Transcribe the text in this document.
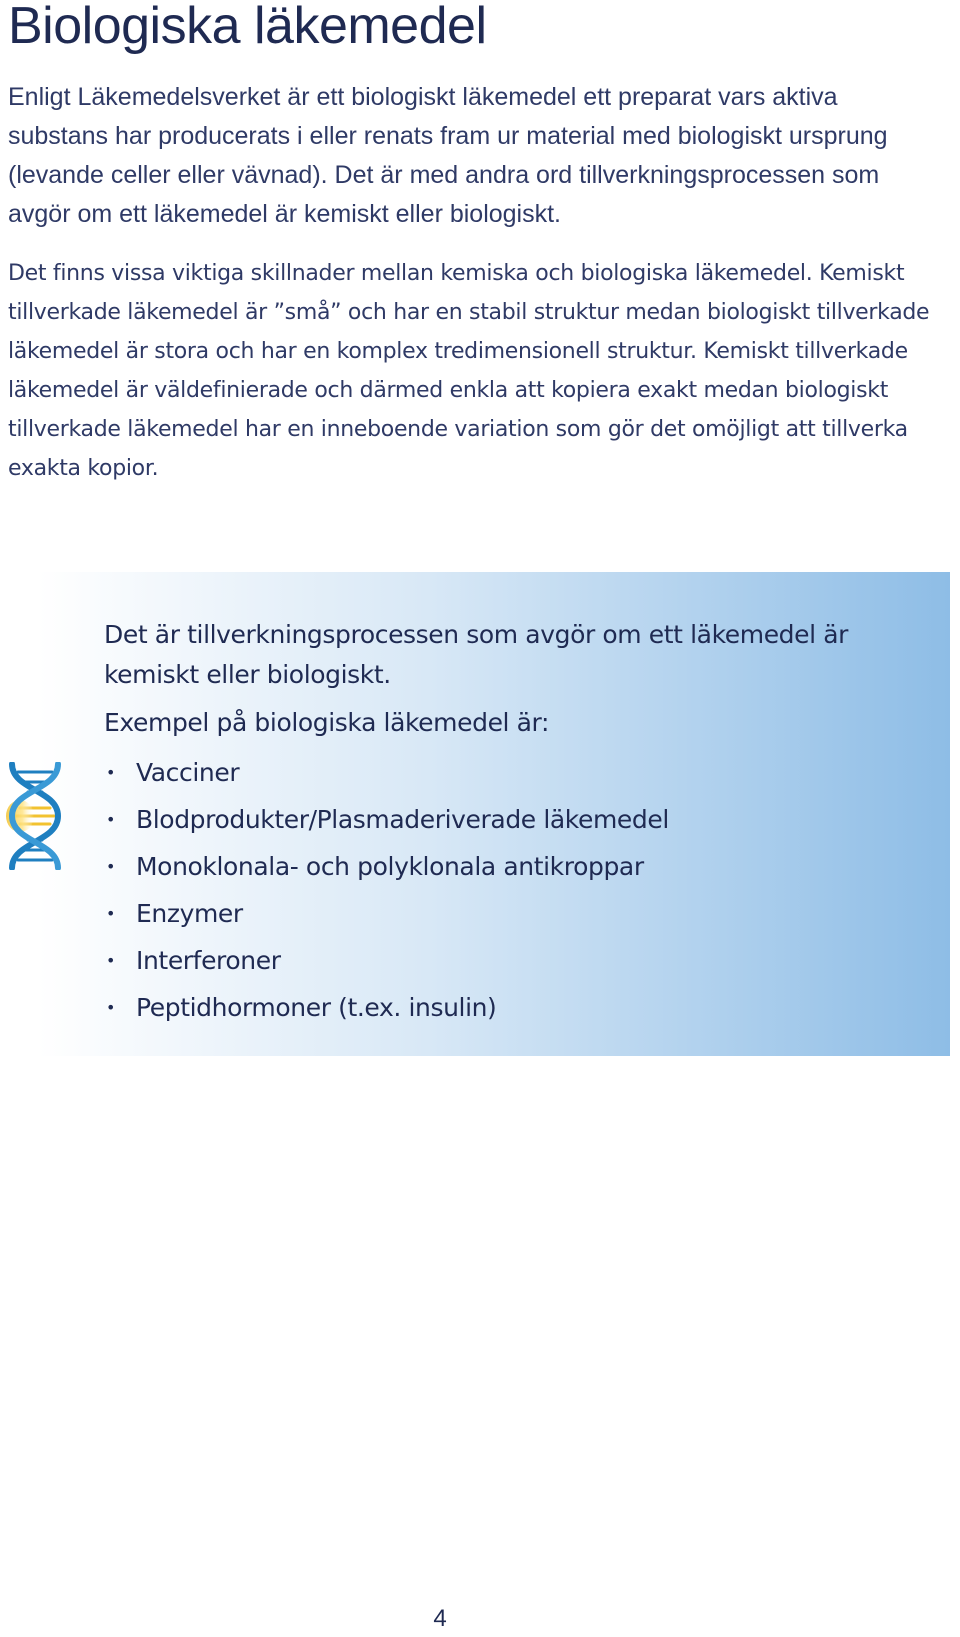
Biologiska läkemedel

Enligt Läkemedelsverket är ett biologiskt läkemedel ett preparat vars aktiva substans har producerats i eller renats fram ur material med biologiskt ursprung (levande celler eller vävnad). Det är med andra ord tillverkningsprocessen som avgör om ett läkemedel är kemiskt eller biologiskt.

Det finns vissa viktiga skillnader mellan kemiska och biologiska läkemedel. Kemiskt tillverkade läkemedel är ”små” och har en stabil struktur medan biologiskt tillverkade läkemedel är stora och har en komplex tredimensionell struktur. Kemiskt tillverkade läkemedel är väldefinierade och därmed enkla att kopiera exakt medan biologiskt tillverkade läkemedel har en inneboende variation som gör det omöjligt att tillverka exakta kopior.

Det är tillverkningsprocessen som avgör om ett läkemedel är kemiskt eller biologiskt.

Exempel på biologiska läkemedel är:

• Vacciner
• Blodprodukter/Plasmaderiverade läkemedel
• Monoklonala- och polyklonala antikroppar
• Enzymer
• Interferoner
• Peptidhormoner (t.ex. insulin)
4
